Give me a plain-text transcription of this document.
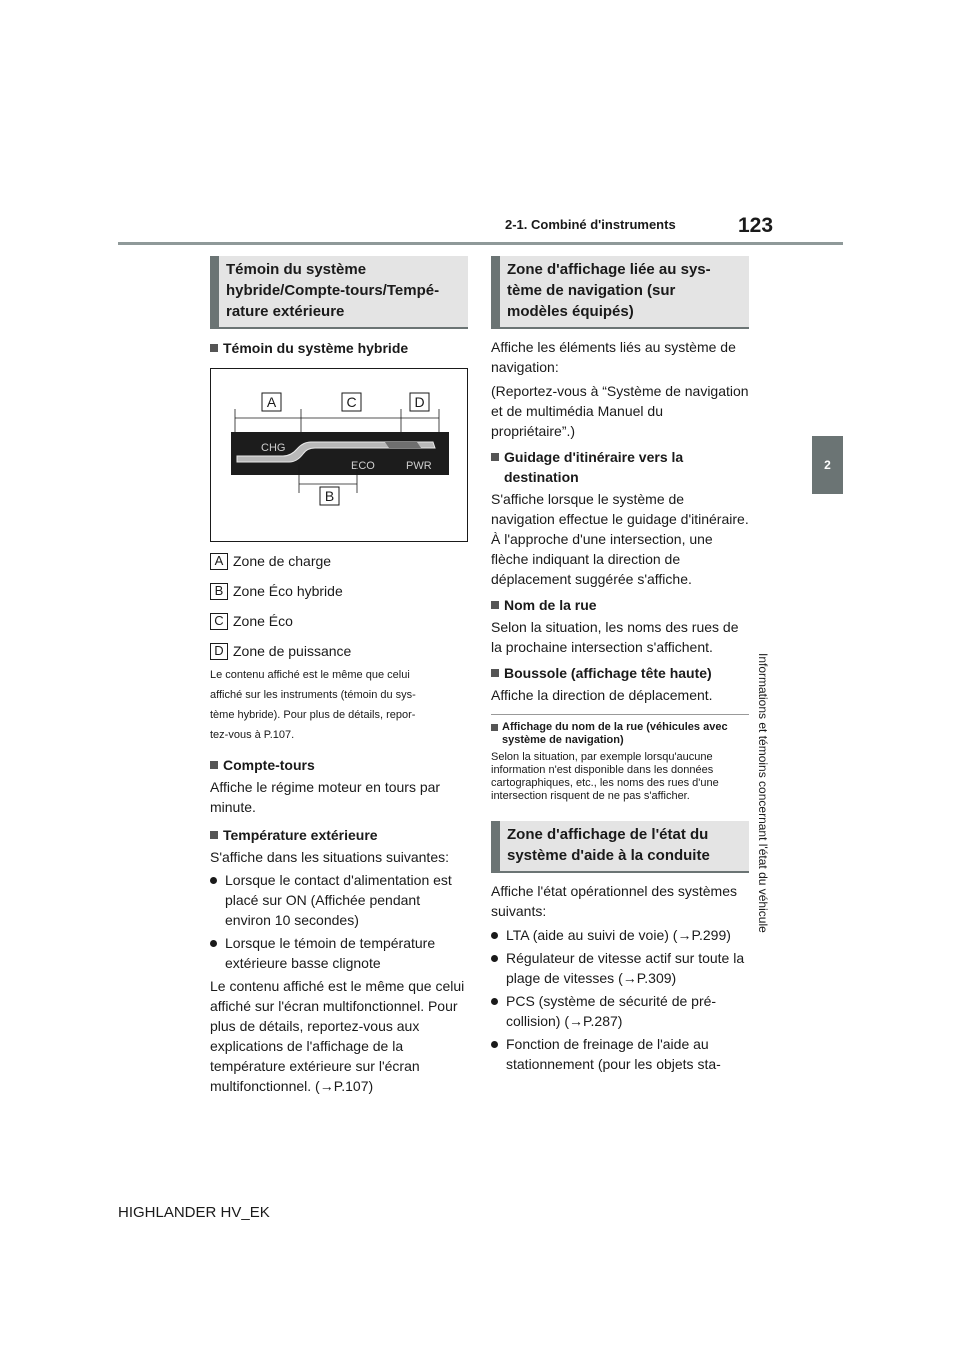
2-1. Combiné d'instruments	123
2
Informations et témoins concernant l'état du véhicule
Témoin du système
hybride/Compte-tours/Tempé-
rature extérieure
Témoin du système hybride
A	C	D
B
CHG
ECO	PWR
A Zone de charge
B Zone Éco hybride
C Zone Éco
D Zone de puissance
Le contenu affiché est le même que celui
affiché sur les instruments (témoin du sys-
tème hybride). Pour plus de détails, repor-
tez-vous à P.107.
Compte-tours

Affiche le régime moteur en tours par minute.

Température extérieure

S'affiche dans les situations suivantes:

Lorsque le contact d'alimentation est placé sur ON (Affichée pendant environ 10 secondes)
Lorsque le témoin de température extérieure basse clignote

Le contenu affiché est le même que celui affiché sur l'écran multifonctionnel. Pour plus de détails, reportez-vous aux explications de l'affichage de la température extérieure sur l'écran multifonctionnel. (→P.107)

Zone d'affichage liée au sys-
tème de navigation (sur
modèles équipés)

Affiche les éléments liés au système de navigation:

(Reportez-vous à “Système de navigation et de multimédia Manuel du propriétaire”.)

Guidage d'itinéraire vers la destination

S'affiche lorsque le système de navigation effectue le guidage d'itinéraire. À l'approche d'une intersection, une flèche indiquant la direction de déplacement suggérée s'affiche.

Nom de la rue

Selon la situation, les noms des rues de la prochaine intersection s'affichent.

Boussole (affichage tête haute)

Affiche la direction de déplacement.

Affichage du nom de la rue (véhicules avec système de navigation)

Selon la situation, par exemple lorsqu'aucune information n'est disponible dans les données cartographiques, etc., les noms des rues d'une intersection risquent de ne pas s'afficher.

Zone d'affichage de l'état du
système d'aide à la conduite

Affiche l'état opérationnel des systèmes suivants:

LTA (aide au suivi de voie) (→P.299)
Régulateur de vitesse actif sur toute la plage de vitesses (→P.309)
PCS (système de sécurité de pré-collision) (→P.287)
Fonction de freinage de l'aide au stationnement (pour les objets sta-
HIGHLANDER HV_EK
